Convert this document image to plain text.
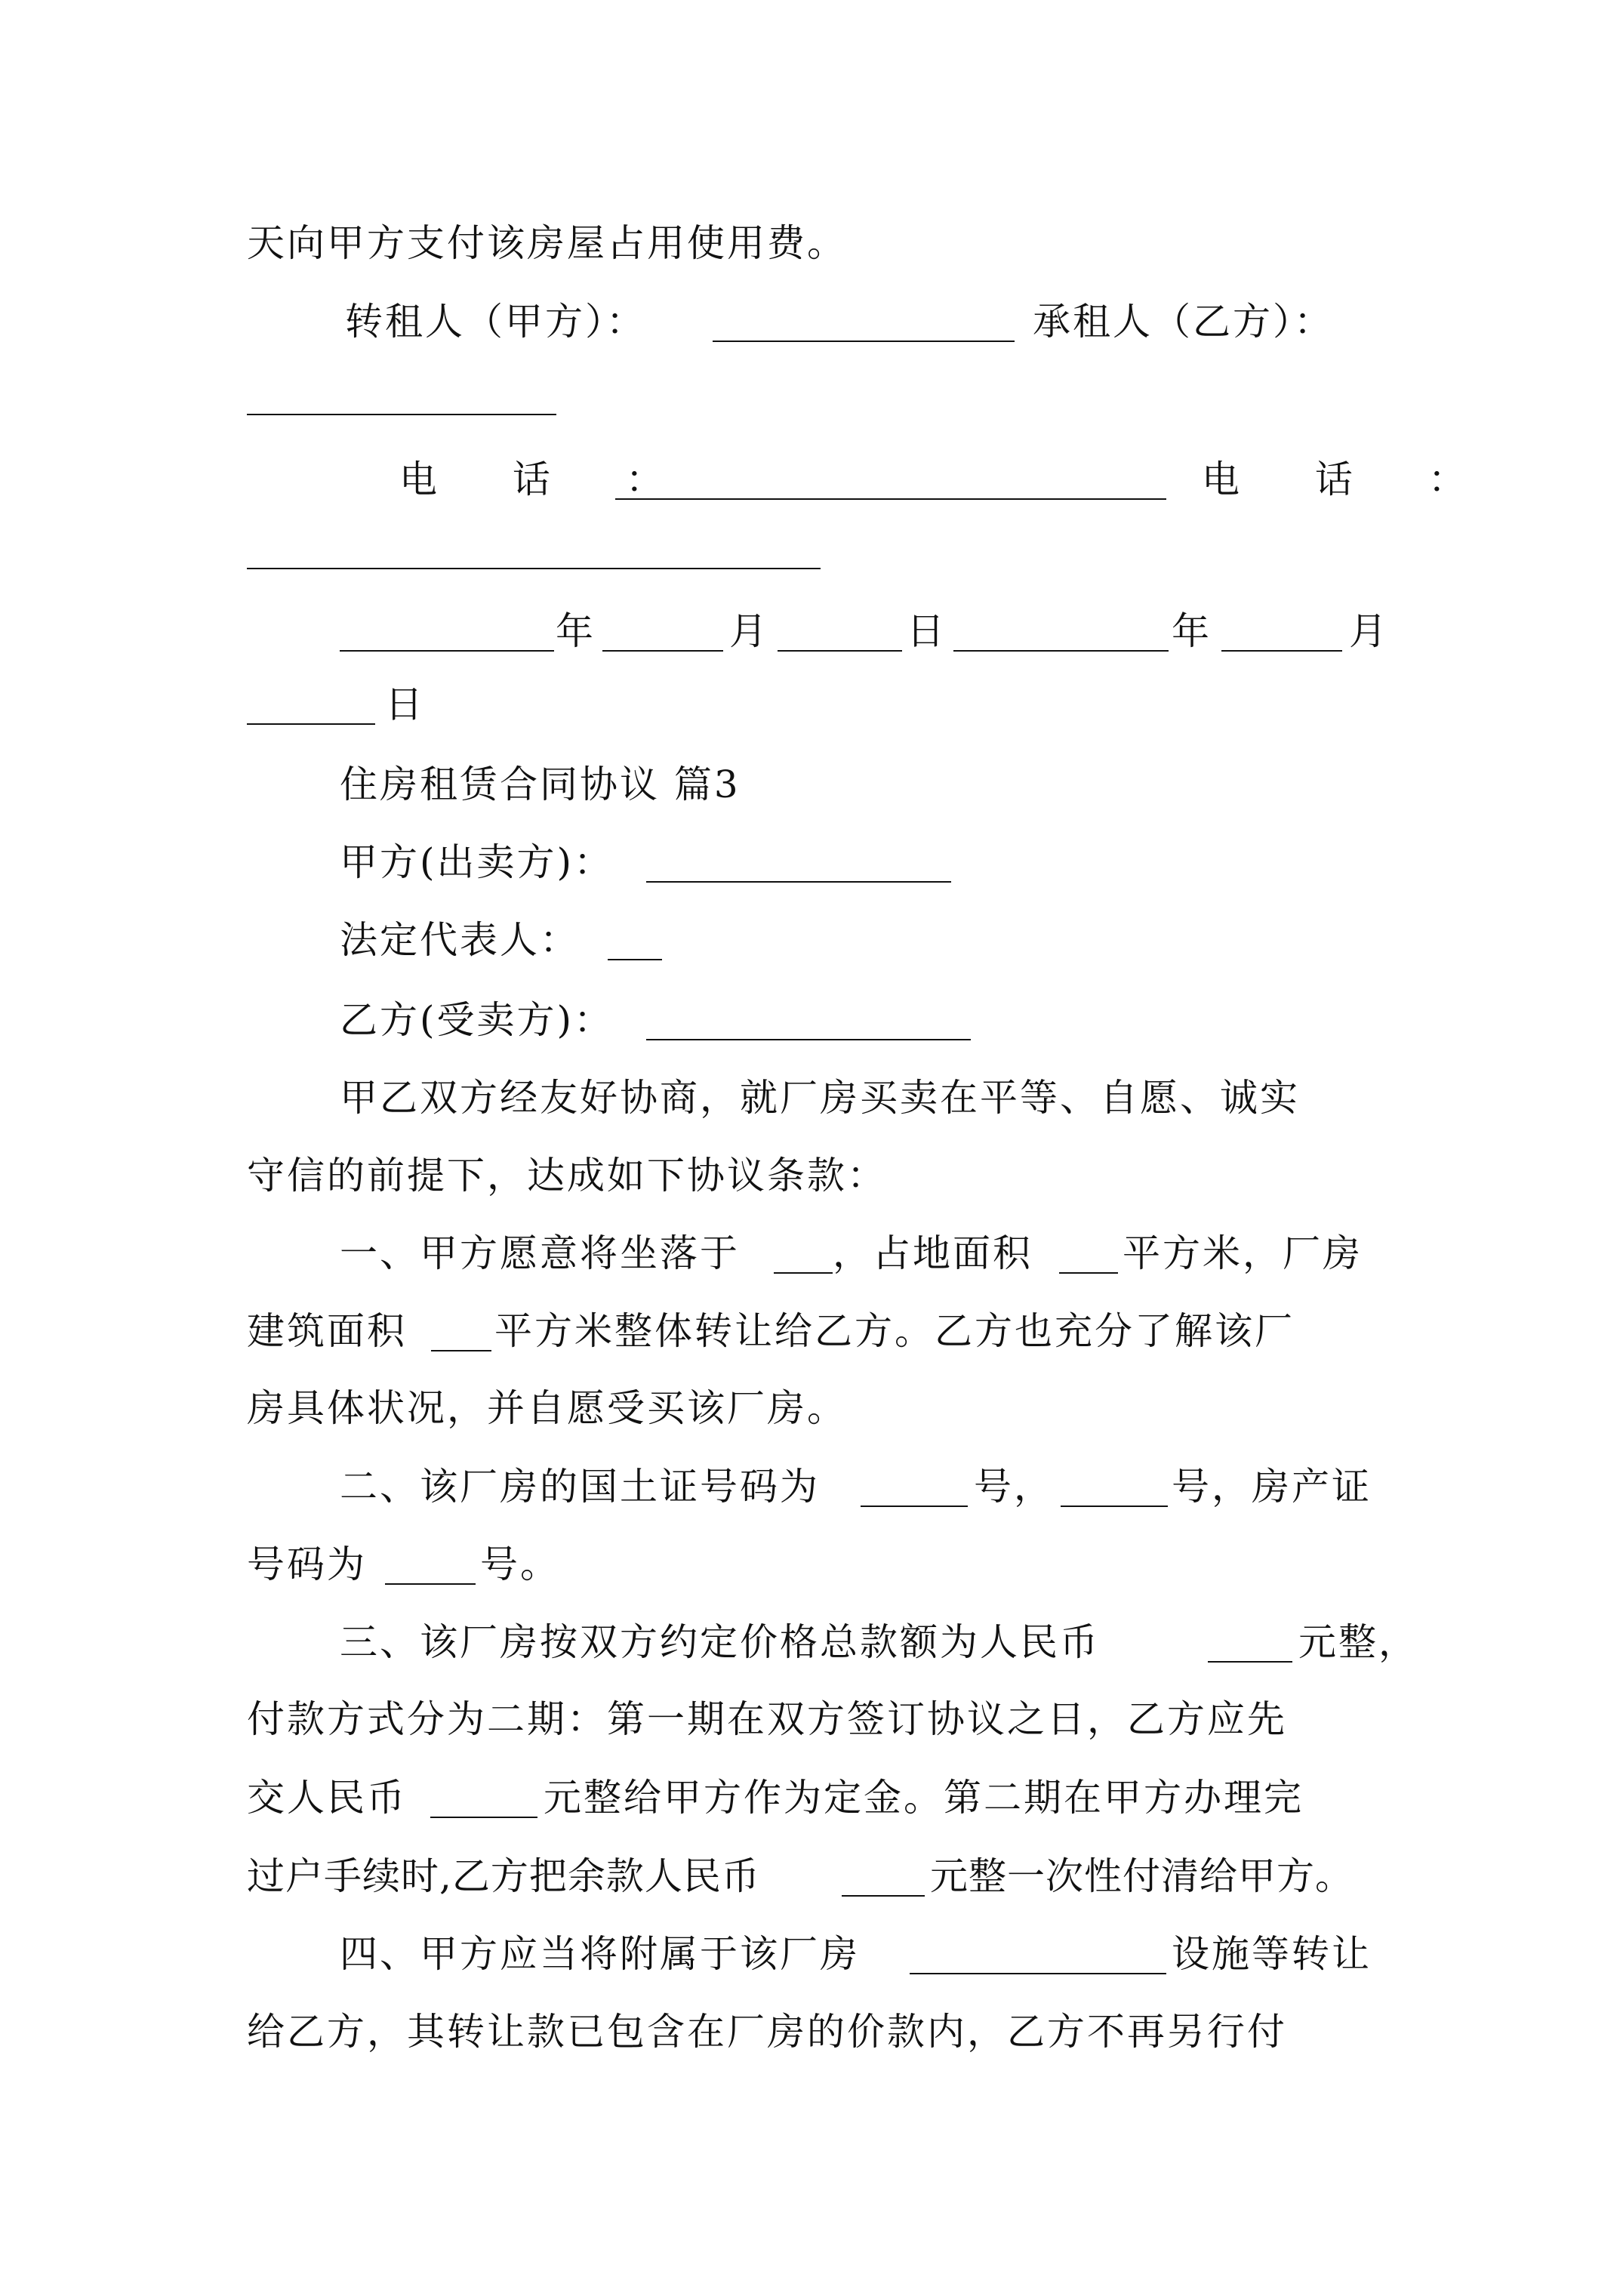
天向甲方支付该房屋占用使用费。
转租人（甲方）：	承租人（乙方）：
电 话 ：	电 话 ：
年	月	日	年	月
日
住房租赁合同协议 篇3
甲方(出卖方)：
法定代表人：
乙方(受卖方)：
甲乙双方经友好协商，就厂房买卖在平等、自愿、诚实
守信的前提下，达成如下协议条款：
一、甲方愿意将坐落于 ，占地面积 平方米，厂房
建筑面积 平方米整体转让给乙方。乙方也充分了解该厂
房具体状况，并自愿受买该厂房。
二、该厂房的国土证号码为	号，	号，房产证
号码为	号。
三、该厂房按双方约定价格总款额为人民币	元整，
付款方式分为二期：第一期在双方签订协议之日，乙方应先
交人民币	元整给甲方作为定金。第二期在甲方办理完
过户手续时,乙方把余款人民币	元整一次性付清给甲方。
四、甲方应当将附属于该厂房	设施等转让
给乙方，其转让款已包含在厂房的价款内，乙方不再另行付
